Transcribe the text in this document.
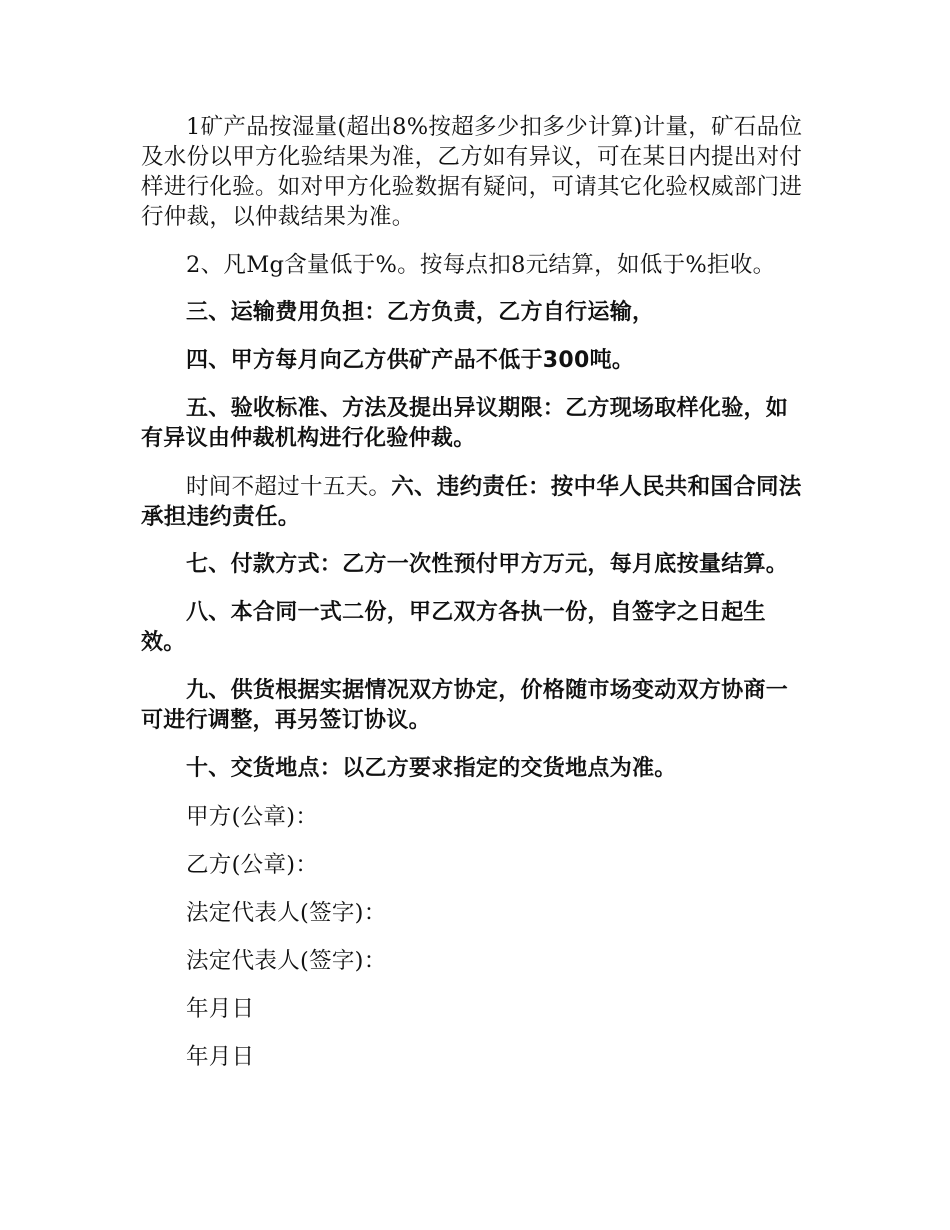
1矿产品按湿量(超出8%按超多少扣多少计算)计量，矿石品位及水份以甲方化验结果为准，乙方如有异议，可在某日内提出对付样进行化验。如对甲方化验数据有疑问，可请其它化验权威部门进行仲裁，以仲裁结果为准。

2、凡Mg含量低于%。按每点扣8元结算，如低于%拒收。

三、运输费用负担：乙方负责，乙方自行运输，

四、甲方每月向乙方供矿产品不低于300吨。

五、验收标准、方法及提出异议期限：乙方现场取样化验，如有异议由仲裁机构进行化验仲裁。

时间不超过十五天。六、违约责任：按中华人民共和国合同法承担违约责任。

七、付款方式：乙方一次性预付甲方万元，每月底按量结算。

八、本合同一式二份，甲乙双方各执一份，自签字之日起生效。

九、供货根据实据情况双方协定，价格随市场变动双方协商一可进行调整，再另签订协议。

十、交货地点：以乙方要求指定的交货地点为准。

甲方(公章)：

乙方(公章)：

法定代表人(签字)：

法定代表人(签字)：

年月日

年月日
